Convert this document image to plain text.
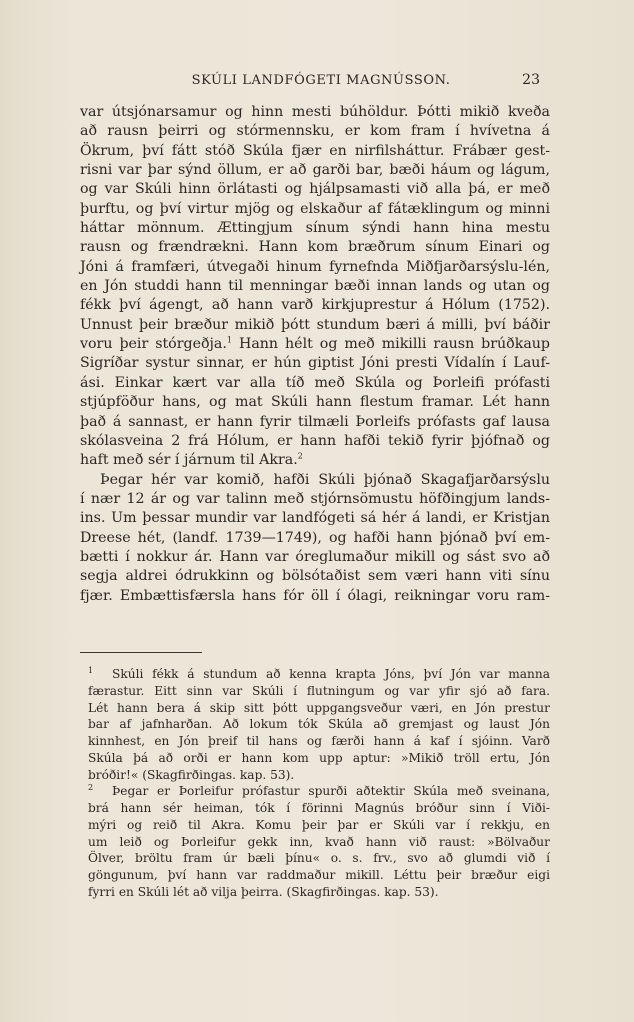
SKÚLI LANDFÓGETI MAGNÚSSON.	23
var útsjónarsamur og hinn mesti búhöldur. Þótti mikið kveða
að rausn þeirri og stórmennsku, er kom fram í hvívetna á
Ökrum, því fátt stóð Skúla fjær en nirfilsháttur. Frábær gest-
risni var þar sýnd öllum, er að garði bar, bæði háum og lágum,
og var Skúli hinn örlátasti og hjálpsamasti við alla þá, er með
þurftu, og því virtur mjög og elskaður af fátæklingum og minni
háttar mönnum. Ættingjum sínum sýndi hann hina mestu
rausn og frændrækni. Hann kom bræðrum sínum Einari og
Jóni á framfæri, útvegaði hinum fyrnefnda Miðfjarðarsýslu-lén,
en Jón studdi hann til menningar bæði innan lands og utan og
fékk því ágengt, að hann varð kirkjuprestur á Hólum (1752).
Unnust þeir bræður mikið þótt stundum bæri á milli, því báðir
voru þeir stórgeðja.$^1$ Hann hélt og með mikilli rausn brúðkaup
Sigríðar systur sinnar, er hún giptist Jóni presti Vídalín í Lauf-
ási. Einkar kært var alla tíð með Skúla og Þorleifi prófasti
stjúpföður hans, og mat Skúli hann flestum framar. Lét hann
það á sannast, er hann fyrir tilmæli Þorleifs prófasts gaf lausa
skólasveina 2 frá Hólum, er hann hafði tekið fyrir þjófnað og
haft með sér í járnum til Akra.$^2$
Þegar hér var komið, hafði Skúli þjónað Skagafjarðarsýslu
í nær 12 ár og var talinn með stjórnsömustu höfðingjum lands-
ins. Um þessar mundir var landfógeti sá hér á landi, er Kristjan
Dreese hét, (landf. 1739—1749), og hafði hann þjónað því em-
bætti í nokkur ár. Hann var óreglumaður mikill og sást svo að
segja aldrei ódrukkinn og bölsótaðist sem væri hann viti sínu
fjær. Embættisfærsla hans fór öll í ólagi, reikningar voru ram-
1	Skúli fékk á stundum að kenna krapta Jóns, því Jón var manna
færastur. Eitt sinn var Skúli í flutningum og var yfir sjó að fara.
Lét hann bera á skip sitt þótt uppgangsveður væri, en Jón prestur
bar af jafnharðan. Að lokum tók Skúla að gremjast og laust Jón
kinnhest, en Jón þreif til hans og færði hann á kaf í sjóinn. Varð
Skúla þá að orði er hann kom upp aptur: »Mikið tröll ertu, Jón
bróðir!« (Skagfirðingas. kap. 53).
2	Þegar er Þorleifur prófastur spurði aðtektir Skúla með sveinana,
brá hann sér heiman, tók í förinni Magnús bróður sinn í Viði-
mýri og reið til Akra. Komu þeir þar er Skúli var í rekkju, en
um leið og Þorleifur gekk inn, kvað hann við raust: »Bölvaður
Ölver, bröltu fram úr bæli þínu« o. s. frv., svo að glumdi við í
göngunum, því hann var raddmaður mikill. Léttu þeir bræður eigi
fyrri en Skúli lét að vilja þeirra. (Skagfirðingas. kap. 53).
